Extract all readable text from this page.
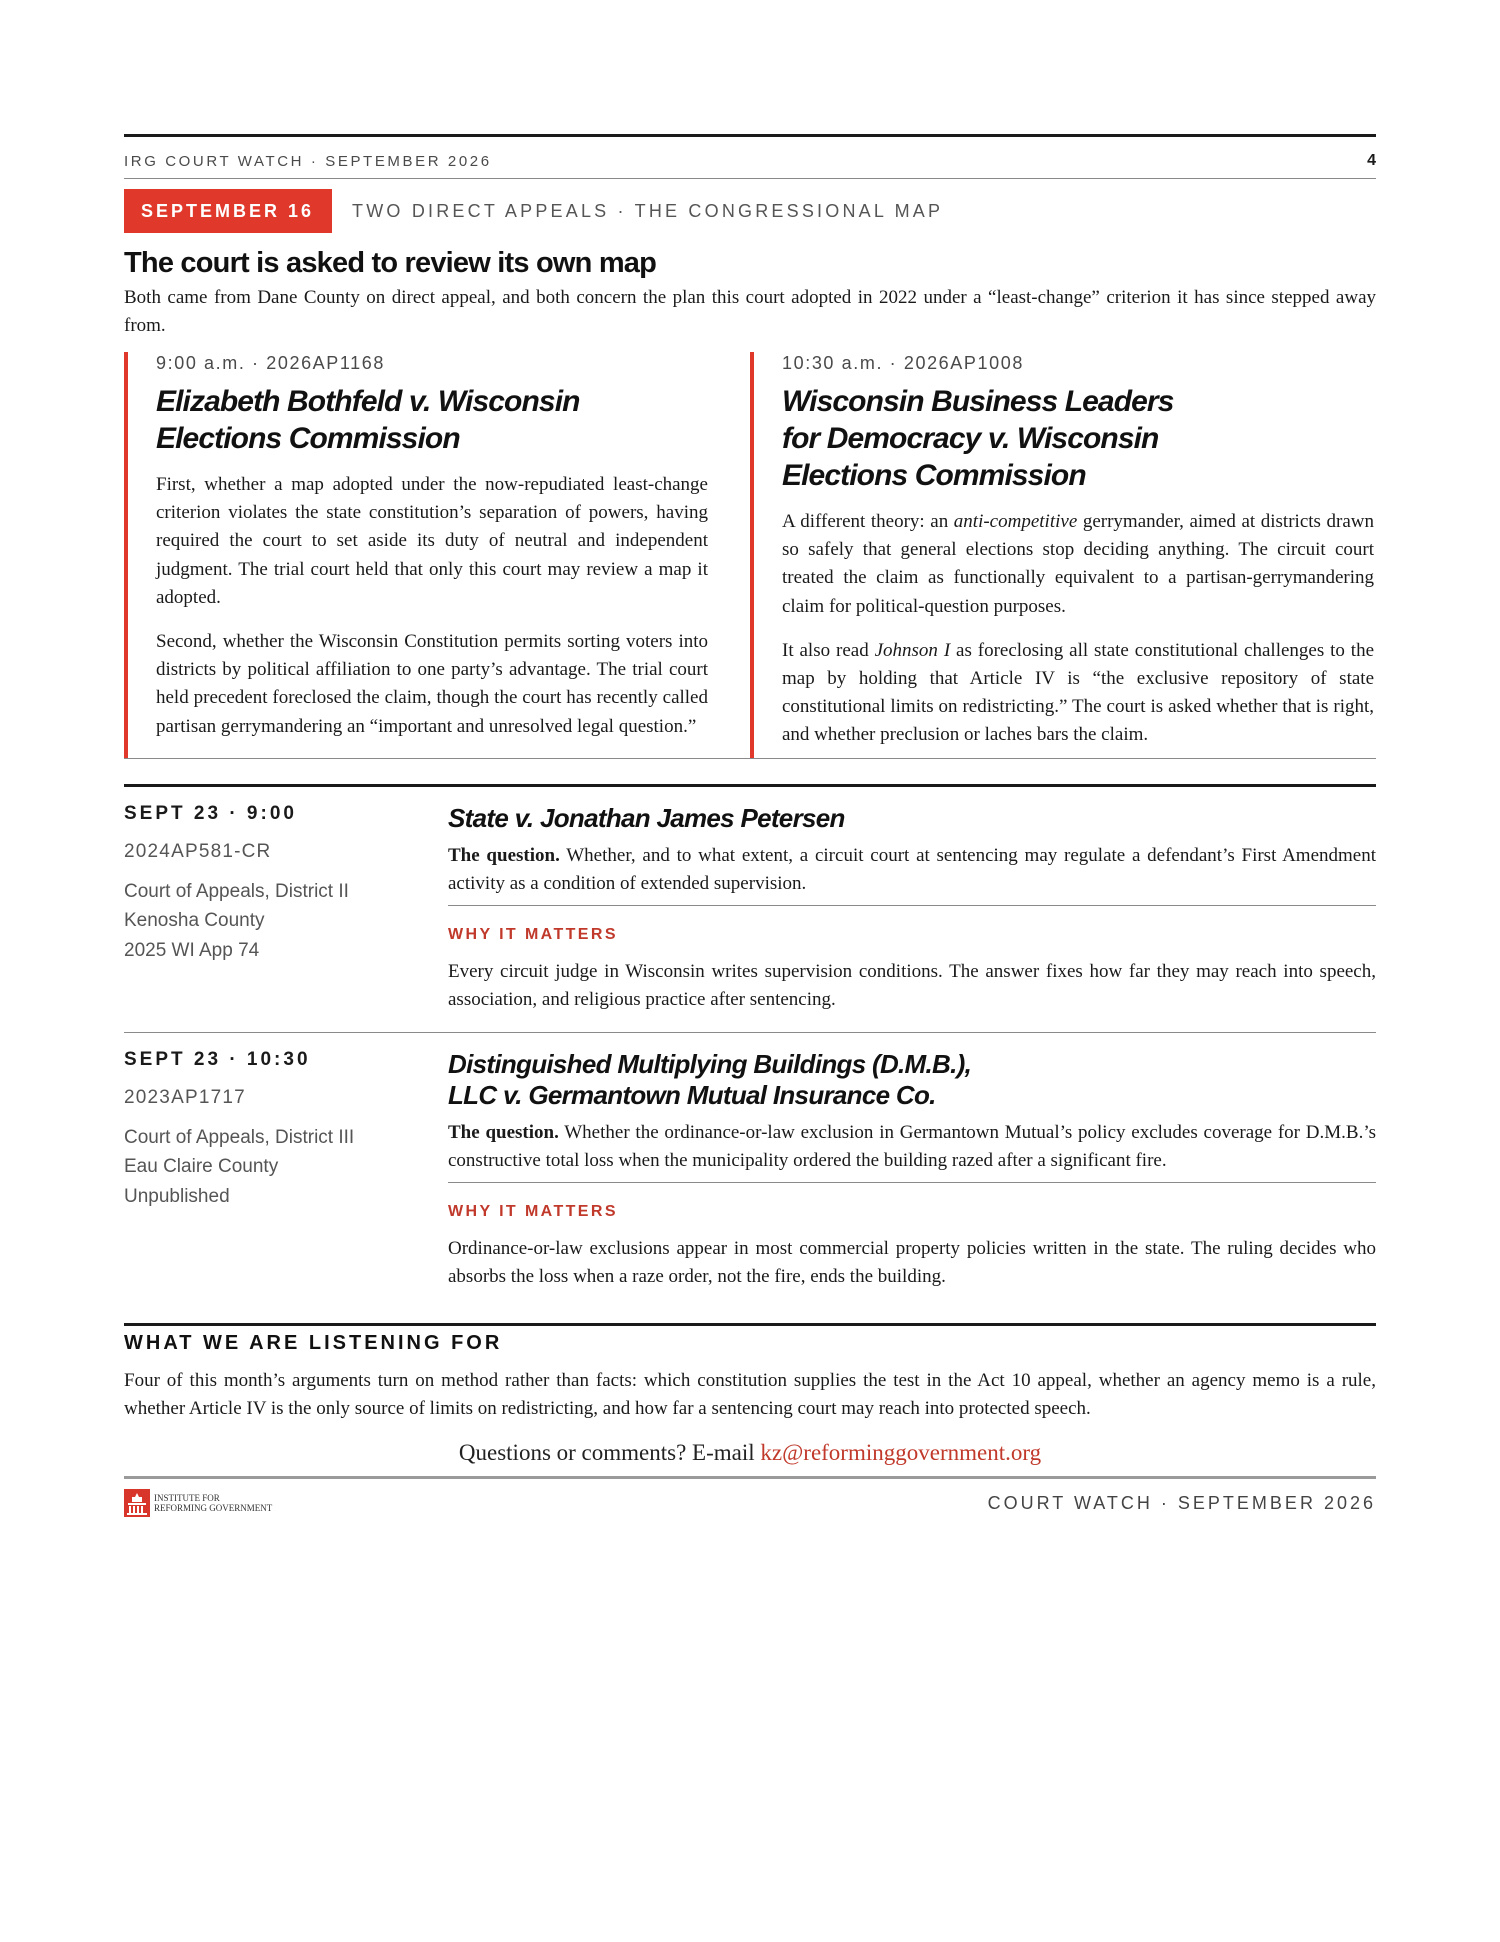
IRG COURT WATCH · SEPTEMBER 2026	4
SEPTEMBER 16	TWO DIRECT APPEALS · THE CONGRESSIONAL MAP
The court is asked to review its own map

Both came from Dane County on direct appeal, and both concern the plan this court adopted in 2022 under a “least-change” criterion it has since stepped away from.

9:00 a.m. · 2026AP1168
Elizabeth Bothfeld v. Wisconsin
Elections Commission

First, whether a map adopted under the now-repudiated least-change criterion violates the state constitution’s separation of powers, having required the court to set aside its duty of neutral and independent judgment. The trial court held that only this court may review a map it adopted.

Second, whether the Wisconsin Constitution permits sorting voters into districts by political affiliation to one party’s advantage. The trial court held precedent foreclosed the claim, though the court has recently called partisan gerrymandering an “important and unresolved legal question.”

10:30 a.m. · 2026AP1008
Wisconsin Business Leaders
for Democracy v. Wisconsin
Elections Commission

A different theory: an anti-competitive gerrymander, aimed at districts drawn so safely that general elections stop deciding anything. The circuit court treated the claim as functionally equivalent to a partisan-gerrymandering claim for political-question purposes.

It also read Johnson I as foreclosing all state constitutional challenges to the map by holding that Article IV is “the exclusive repository of state constitutional limits on redistricting.” The court is asked whether that is right, and whether preclusion or laches bars the claim.

SEPT 23 · 9:00
2024AP581-CR
Court of Appeals, District II
Kenosha County
2025 WI App 74
State v. Jonathan James Petersen

The question. Whether, and to what extent, a circuit court at sentencing may regulate a defendant’s First Amendment activity as a condition of extended supervision.

WHY IT MATTERS

Every circuit judge in Wisconsin writes supervision conditions. The answer fixes how far they may reach into speech, association, and religious practice after sentencing.

SEPT 23 · 10:30
2023AP1717
Court of Appeals, District III
Eau Claire County
Unpublished
Distinguished Multiplying Buildings (D.M.B.),
LLC v. Germantown Mutual Insurance Co.

The question. Whether the ordinance-or-law exclusion in Germantown Mutual’s policy excludes coverage for D.M.B.’s constructive total loss when the municipality ordered the building razed after a significant fire.

WHY IT MATTERS

Ordinance-or-law exclusions appear in most commercial property policies written in the state. The ruling decides who absorbs the loss when a raze order, not the fire, ends the building.

WHAT WE ARE LISTENING FOR

Four of this month’s arguments turn on method rather than facts: which constitution supplies the test in the Act 10 appeal, whether an agency memo is a rule, whether Article IV is the only source of limits on redistricting, and how far a sentencing court may reach into protected speech.

Questions or comments? E-mail kz@reforminggovernment.org
INSTITUTE FOR
REFORMING GOVERNMENT	COURT WATCH · SEPTEMBER 2026
